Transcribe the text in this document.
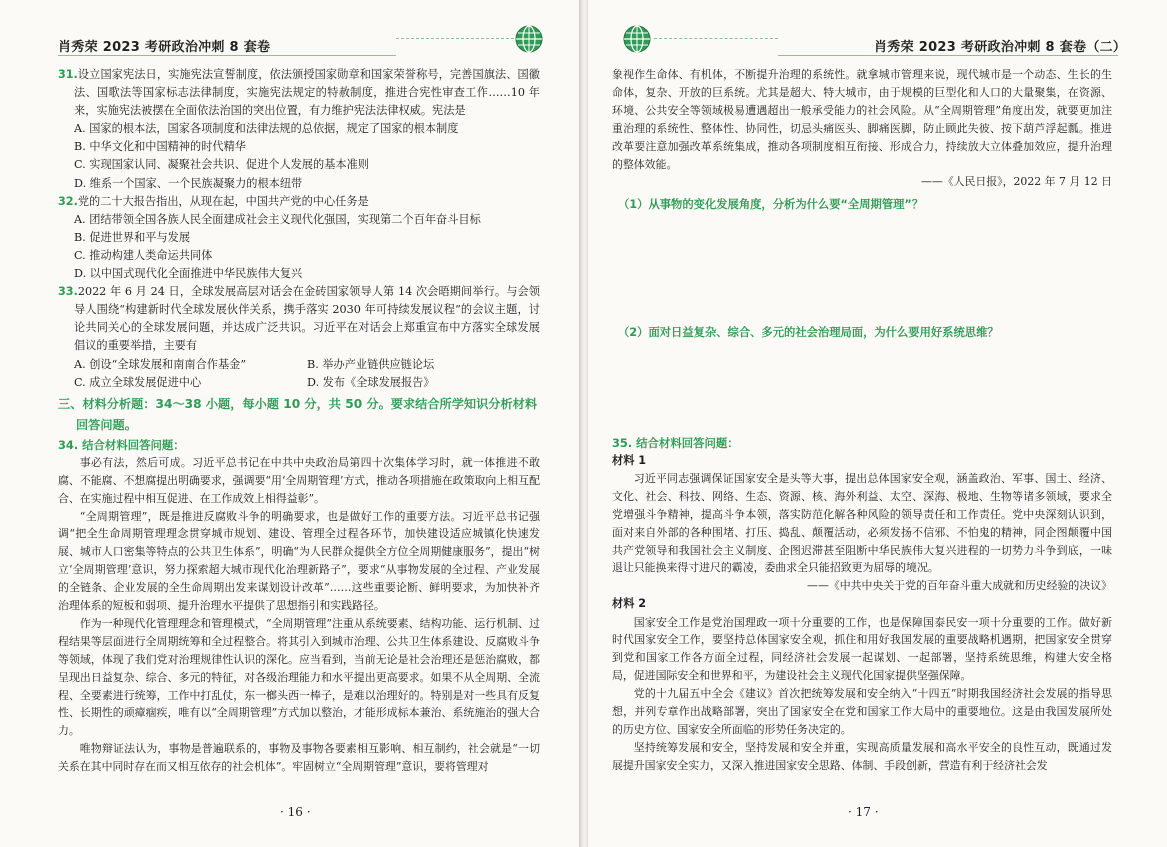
肖秀荣 2023 考研政治冲刺 8 套卷

31.设立国家宪法日，实施宪法宣誓制度，依法颁授国家勋章和国家荣誉称号，完善国旗法、国徽法、国歌法等国家标志法律制度，实施宪法规定的特赦制度，推进合宪性审查工作……10 年来，实施宪法被摆在全面依法治国的突出位置，有力维护宪法法律权威。宪法是

A. 国家的根本法，国家各项制度和法律法规的总依据，规定了国家的根本制度

B. 中华文化和中国精神的时代精华

C. 实现国家认同、凝聚社会共识、促进个人发展的基本准则

D. 维系一个国家、一个民族凝聚力的根本纽带

32.党的二十大报告指出，从现在起，中国共产党的中心任务是

A. 团结带领全国各族人民全面建成社会主义现代化强国，实现第二个百年奋斗目标

B. 促进世界和平与发展

C. 推动构建人类命运共同体

D. 以中国式现代化全面推进中华民族伟大复兴

33.2022 年 6 月 24 日，全球发展高层对话会在金砖国家领导人第 14 次会晤期间举行。与会领导人围绕“构建新时代全球发展伙伴关系，携手落实 2030 年可持续发展议程”的会议主题，讨论共同关心的全球发展问题，并达成广泛共识。习近平在对话会上郑重宣布中方落实全球发展倡议的重要举措，主要有

A. 创设“全球发展和南南合作基金”	B. 举办产业链供应链论坛
C. 成立全球发展促进中心	D. 发布《全球发展报告》

三、材料分析题：34～38 小题，每小题 10 分，共 50 分。要求结合所学知识分析材料回答问题。

34. 结合材料回答问题：

事必有法，然后可成。习近平总书记在中共中央政治局第四十次集体学习时，就一体推进不敢腐、不能腐、不想腐提出明确要求，强调要“用‘全周期管理’方式，推动各项措施在政策取向上相互配合、在实施过程中相互促进、在工作成效上相得益彰”。

“全周期管理”，既是推进反腐败斗争的明确要求，也是做好工作的重要方法。习近平总书记强调“把全生命周期管理理念贯穿城市规划、建设、管理全过程各环节，加快建设适应城镇化快速发展、城市人口密集等特点的公共卫生体系”，明确“为人民群众提供全方位全周期健康服务”，提出“树立‘全周期管理’意识，努力探索超大城市现代化治理新路子”，要求“从事物发展的全过程、产业发展的全链条、企业发展的全生命周期出发来谋划设计改革”……这些重要论断、鲜明要求，为加快补齐治理体系的短板和弱项、提升治理水平提供了思想指引和实践路径。

作为一种现代化管理理念和管理模式，“全周期管理”注重从系统要素、结构功能、运行机制、过程结果等层面进行全周期统筹和全过程整合。将其引入到城市治理、公共卫生体系建设、反腐败斗争等领域，体现了我们党对治理规律性认识的深化。应当看到，当前无论是社会治理还是惩治腐败，都呈现出日益复杂、综合、多元的特征，对各级治理能力和水平提出更高要求。如果不从全周期、全流程、全要素进行统筹，工作中打乱仗，东一榔头西一棒子，是难以治理好的。特别是对一些具有反复性、长期性的顽瘴痼疾，唯有以“全周期管理”方式加以整治，才能形成标本兼治、系统施治的强大合力。

唯物辩证法认为，事物是普遍联系的，事物及事物各要素相互影响、相互制约，社会就是“一切关系在其中同时存在而又相互依存的社会机体”。牢固树立“全周期管理”意识，要将管理对

· 16 ·
肖秀荣 2023 考研政治冲刺 8 套卷（二）

象视作生命体、有机体，不断提升治理的系统性。就拿城市管理来说，现代城市是一个动态、生长的生命体，复杂、开放的巨系统。尤其是超大、特大城市，由于规模的巨型化和人口的大量聚集，在资源、环境、公共安全等领域极易遭遇超出一般承受能力的社会风险。从“全周期管理”角度出发，就要更加注重治理的系统性、整体性、协同性，切忌头痛医头、脚痛医脚，防止顾此失彼、按下葫芦浮起瓢。推进改革要注意加强改革系统集成，推动各项制度相互衔接、形成合力，持续放大立体叠加效应，提升治理的整体效能。

——《人民日报》，2022 年 7 月 12 日

（1）从事物的变化发展角度，分析为什么要“全周期管理”？

（2）面对日益复杂、综合、多元的社会治理局面，为什么要用好系统思维？

35. 结合材料回答问题：

材料 1

习近平同志强调保证国家安全是头等大事，提出总体国家安全观，涵盖政治、军事、国土、经济、文化、社会、科技、网络、生态、资源、核、海外利益、太空、深海、极地、生物等诸多领域，要求全党增强斗争精神，提高斗争本领，落实防范化解各种风险的领导责任和工作责任。党中央深刻认识到，面对来自外部的各种围堵、打压、捣乱、颠覆活动，必须发扬不信邪、不怕鬼的精神，同企图颠覆中国共产党领导和我国社会主义制度、企图迟滞甚至阻断中华民族伟大复兴进程的一切势力斗争到底，一味退让只能换来得寸进尺的霸凌，委曲求全只能招致更为屈辱的境况。

——《中共中央关于党的百年奋斗重大成就和历史经验的决议》

材料 2

国家安全工作是党治国理政一项十分重要的工作，也是保障国泰民安一项十分重要的工作。做好新时代国家安全工作，要坚持总体国家安全观，抓住和用好我国发展的重要战略机遇期，把国家安全贯穿到党和国家工作各方面全过程，同经济社会发展一起谋划、一起部署，坚持系统思维，构建大安全格局，促进国际安全和世界和平，为建设社会主义现代化国家提供坚强保障。

党的十九届五中全会《建议》首次把统筹发展和安全纳入“十四五”时期我国经济社会发展的指导思想，并列专章作出战略部署，突出了国家安全在党和国家工作大局中的重要地位。这是由我国发展所处的历史方位、国家安全所面临的形势任务决定的。

坚持统筹发展和安全，坚持发展和安全并重，实现高质量发展和高水平安全的良性互动，既通过发展提升国家安全实力，又深入推进国家安全思路、体制、手段创新，营造有利于经济社会发

· 17 ·
